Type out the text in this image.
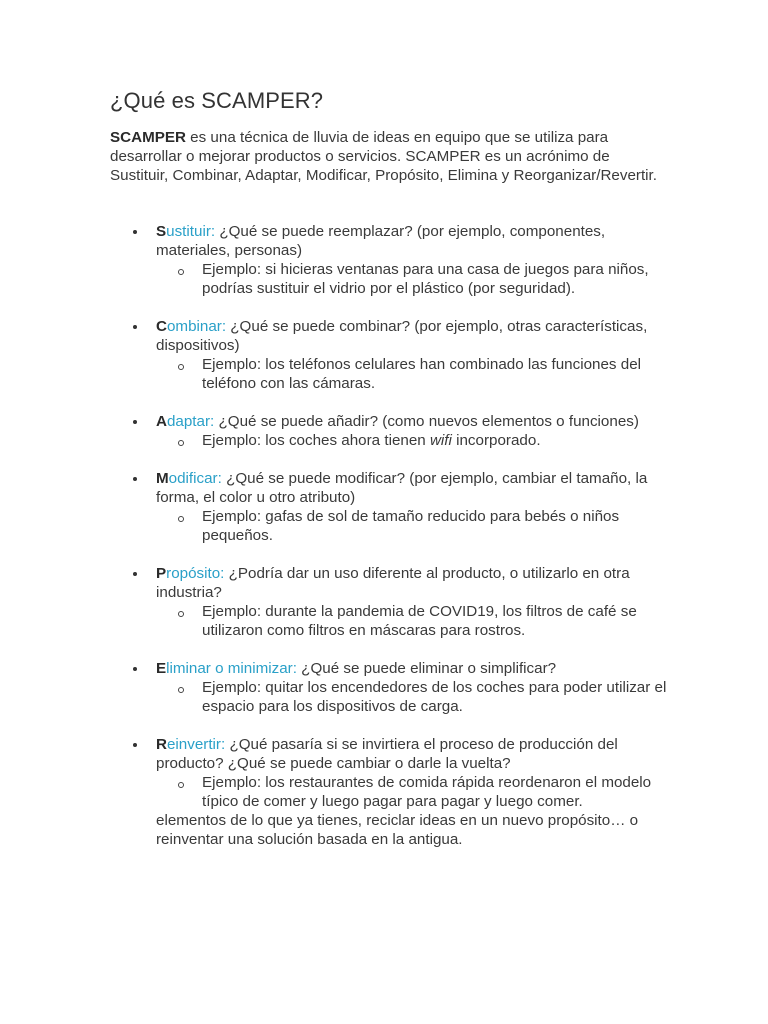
¿Qué es SCAMPER?

SCAMPER es una técnica de lluvia de ideas en equipo que se utiliza para desarrollar o mejorar productos o servicios. SCAMPER es un acrónimo de Sustituir, Combinar, Adaptar, Modificar, Propósito, Elimina y Reorganizar/Revertir.

Sustituir: ¿Qué se puede reemplazar? (por ejemplo, componentes, materiales, personas)
Ejemplo: si hicieras ventanas para una casa de juegos para niños, podrías sustituir el vidrio por el plástico (por seguridad).
Combinar: ¿Qué se puede combinar? (por ejemplo, otras características, dispositivos)
Ejemplo: los teléfonos celulares han combinado las funciones del teléfono con las cámaras.
Adaptar: ¿Qué se puede añadir? (como nuevos elementos o funciones)
Ejemplo: los coches ahora tienen wifi incorporado.
Modificar: ¿Qué se puede modificar? (por ejemplo, cambiar el tamaño, la forma, el color u otro atributo)
Ejemplo: gafas de sol de tamaño reducido para bebés o niños pequeños.
Propósito: ¿Podría dar un uso diferente al producto, o utilizarlo en otra industria?
Ejemplo: durante la pandemia de COVID19, los filtros de café se utilizaron como filtros en máscaras para rostros.
Eliminar o minimizar: ¿Qué se puede eliminar o simplificar?
Ejemplo: quitar los encendedores de los coches para poder utilizar el espacio para los dispositivos de carga.
Reinvertir: ¿Qué pasaría si se invirtiera el proceso de producción del producto? ¿Qué se puede cambiar o darle la vuelta?
Ejemplo: los restaurantes de comida rápida reordenaron el modelo típico de comer y luego pagar para pagar y luego comer.

elementos de lo que ya tienes, reciclar ideas en un nuevo propósito… o reinventar una solución basada en la antigua.
